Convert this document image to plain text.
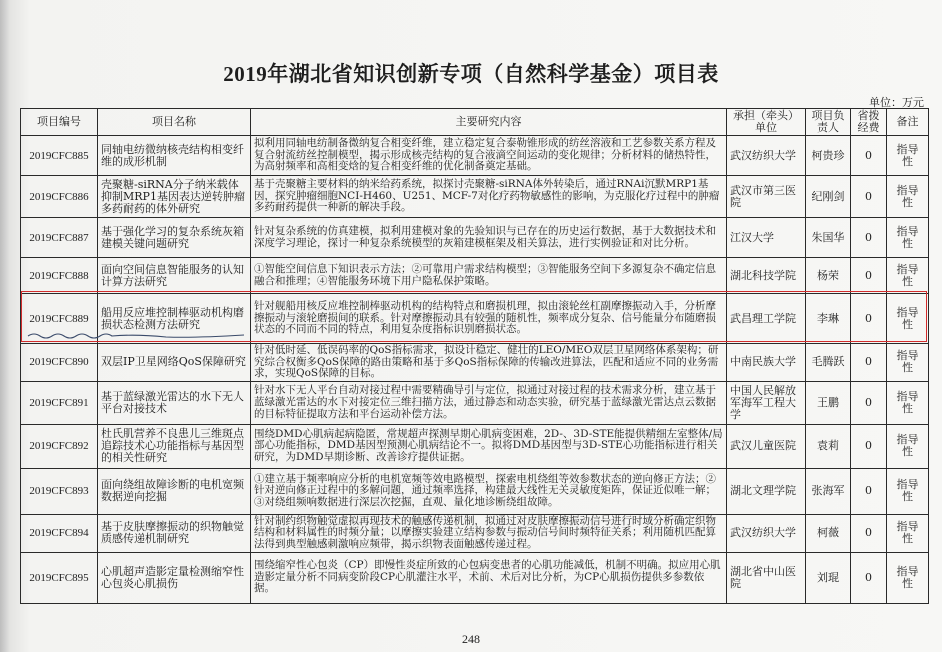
2019年湖北省知识创新专项（自然科学基金）项目表
单位：万元
项目编号	项目名称	主要研究内容	承担（牵头）单位	项目负责人	省拨经费	备注
2019CFC885	同轴电纺微纳核壳结构相变纤维的成形机制	拟利用同轴电纺制备微纳复合相变纤维，建立稳定复合泰勒锥形成的纺丝溶液和工艺参数关系方程及复合射流纺丝控制模型，揭示形成核壳结构的复合液滴空间运动的变化规律；分析材料的储热特性，为高射频率和高相变焓的复合相变纤维的优化制备奠定基础。	武汉纺织大学	柯贵珍	0	指导性
2019CFC886	壳聚糖-siRNA分子纳米载体抑制MRP1基因表达逆转肿瘤多药耐药的体外研究	基于壳聚糖主要材料的纳米给药系统，拟探讨壳聚糖-siRNA体外转染后，通过RNAi沉默MRP1基因，探究肿瘤细胞NCI-H460、U251、MCF-7对化疗药物敏感性的影响，为克服化疗过程中的肿瘤多药耐药提供一种新的解决手段。	武汉市第三医院	纪刚剑	0	指导性
2019CFC887	基于强化学习的复杂系统灰箱建模关键问题研究	针对复杂系统的仿真建模，拟利用建模对象的先验知识与已存在的历史运行数据，基于大数据技术和深度学习理论，探讨一种复杂系统模型的灰箱建模框架及相关算法，进行实例验证和对比分析。	江汉大学	朱国华	0	指导性
2019CFC888	面向空间信息智能服务的认知计算方法研究	①智能空间信息下知识表示方法；②可靠用户需求结构模型；③智能服务空间下多源复杂不确定信息融合和推理；④智能服务环境下用户隐私保护策略。	湖北科技学院	杨荣	0	指导性
2019CFC889	船用反应堆控制棒驱动机构磨损状态检测方法研究	针对舰船用核反应堆控制棒驱动机构的结构特点和磨损机理，拟由滚轮丝杠副摩擦振动入手，分析摩擦振动与滚轮磨损间的联系。针对摩擦振动具有较强的随机性，频率成分复杂、信号能量分布随磨损状态的不同而不同的特点，利用复杂度指标识别磨损状态。	武昌理工学院	李琳	0	指导性
2019CFC890	双层IP卫星网络QoS保障研究	针对低时延、低误码率的QoS指标需求，拟设计稳定、健壮的LEO/MEO双层卫星网络体系架构；研究综合权衡多QoS保障的路由策略和基于多QoS指标保障的传输改进算法，匹配和适应不同的业务需求，实现QoS保障的目标。	中南民族大学	毛腾跃	0	指导性
2019CFC891	基于蓝绿激光雷达的水下无人平台对接技术	针对水下无人平台自动对接过程中需要精确导引与定位，拟通过对接过程的技术需求分析，建立基于蓝绿激光雷达的水下对接定位三维扫描方法，通过静态和动态实验，研究基于蓝绿激光雷达点云数据的目标特征提取方法和平台运动补偿方法。	中国人民解放军海军工程大学	王鹏	0	指导性
2019CFC892	杜氏肌营养不良患儿三维斑点追踪技术心功能指标与基因型的相关性研究	围绕DMD心肌病起病隐匿，常规超声探测早期心肌病变困难，2D-、3D-STE能提供精细左室整体/局部心功能指标，DMD基因型预测心肌病结论不一。拟将DMD基因型与3D-STE心功能指标进行相关研究，为DMD早期诊断、改善诊疗提供证据。	武汉儿童医院	袁莉	0	指导性
2019CFC893	面向绕组故障诊断的电机宽频数据逆向挖掘	①建立基于频率响应分析的电机宽频等效电路模型，探索电机绕组等效参数状态的逆向修正方法；②针对逆向修正过程中的多解问题，通过频率选择，构建最大线性无关灵敏度矩阵，保证近似唯一解；③对绕组频响数据进行深层次挖掘，直观、量化地诊断绕组故障。	湖北文理学院	张海军	0	指导性
2019CFC894	基于皮肤摩擦振动的织物触觉质感传递机制研究	针对制约织物触觉虚拟再现技术的触感传递机制，拟通过对皮肤摩擦振动信号进行时域分析确定织物结构和材料属性的时频分量；以摩擦实验建立结构参数与振动信号间时频特征关系；利用随机匹配算法得到典型触感刺激响应频带，揭示织物表面触感传递过程。	武汉纺织大学	柯薇	0	指导性
2019CFC895	心肌超声造影定量检测缩窄性心包炎心肌损伤	围绕缩窄性心包炎（CP）即慢性炎症所致的心包病变患者的心肌功能减低，机制不明确。拟应用心肌造影定量分析不同病变阶段CP心肌灌注水平，术前、术后对比分析，为CP心肌损伤提供多参数依据。	湖北省中山医院	刘琨	0	指导性
248
